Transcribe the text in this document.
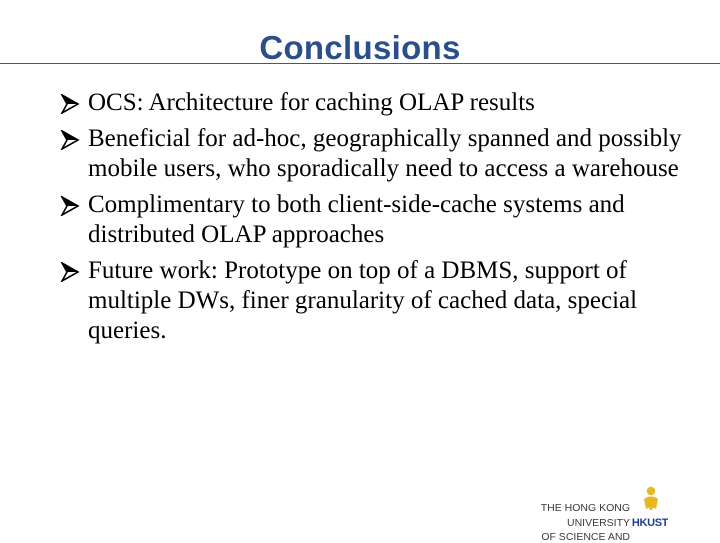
Conclusions
OCS: Architecture for caching OLAP results
Beneficial for ad-hoc, geographically spanned and possibly mobile users, who sporadically need to access a warehouse
Complimentary to both client-side-cache systems and distributed OLAP approaches
Future work: Prototype on top of a DBMS, support of multiple DWs, finer granularity of cached data, special queries.
THE HONG KONG
UNIVERSITY
OF SCIENCE AND
HKUST
